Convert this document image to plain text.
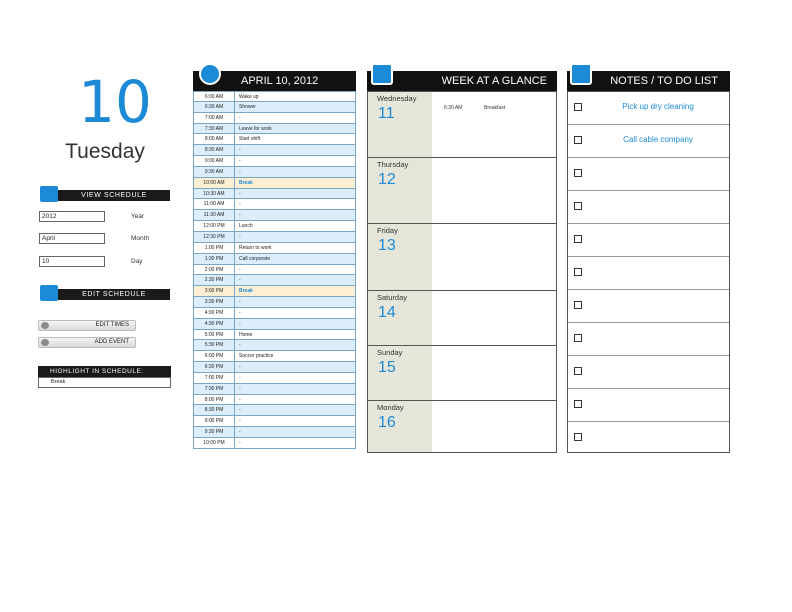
10
Tuesday
VIEW SCHEDULE
2012	Year
April	Month
10	Day
EDIT SCHEDULE
EDIT TIMES
ADD EVENT
HIGHLIGHT IN SCHEDULE:
Break
APRIL 10, 2012
6:00 AM	Wake up
6:30 AM	Shower
7:00 AM	-
7:30 AM	Leave for work
8:00 AM	Start shift
8:30 AM	-
9:00 AM	-
9:30 AM	-
10:00 AM	Break
10:30 AM	-
11:00 AM	-
11:30 AM	-
12:00 PM	Lunch
12:30 PM	-
1:00 PM	Return to work
1:30 PM	Call corporate
2:00 PM	-
2:30 PM	-
3:00 PM	Break
3:30 PM	-
4:00 PM	-
4:30 PM	-
5:00 PM	Home
5:30 PM	-
6:00 PM	Soccer practice
6:30 PM	-
7:00 PM	-
7:30 PM	-
8:00 PM	-
8:30 PM	-
9:00 PM	-
9:30 PM	-
10:00 PM	-
WEEK AT A GLANCE
Wednesday
11	6:30 AM	Breakfast
Thursday
12
Friday
13
Saturday
14
Sunday
15
Monday
16
NOTES / TO DO LIST
Pick up dry cleaning
Call cable company
